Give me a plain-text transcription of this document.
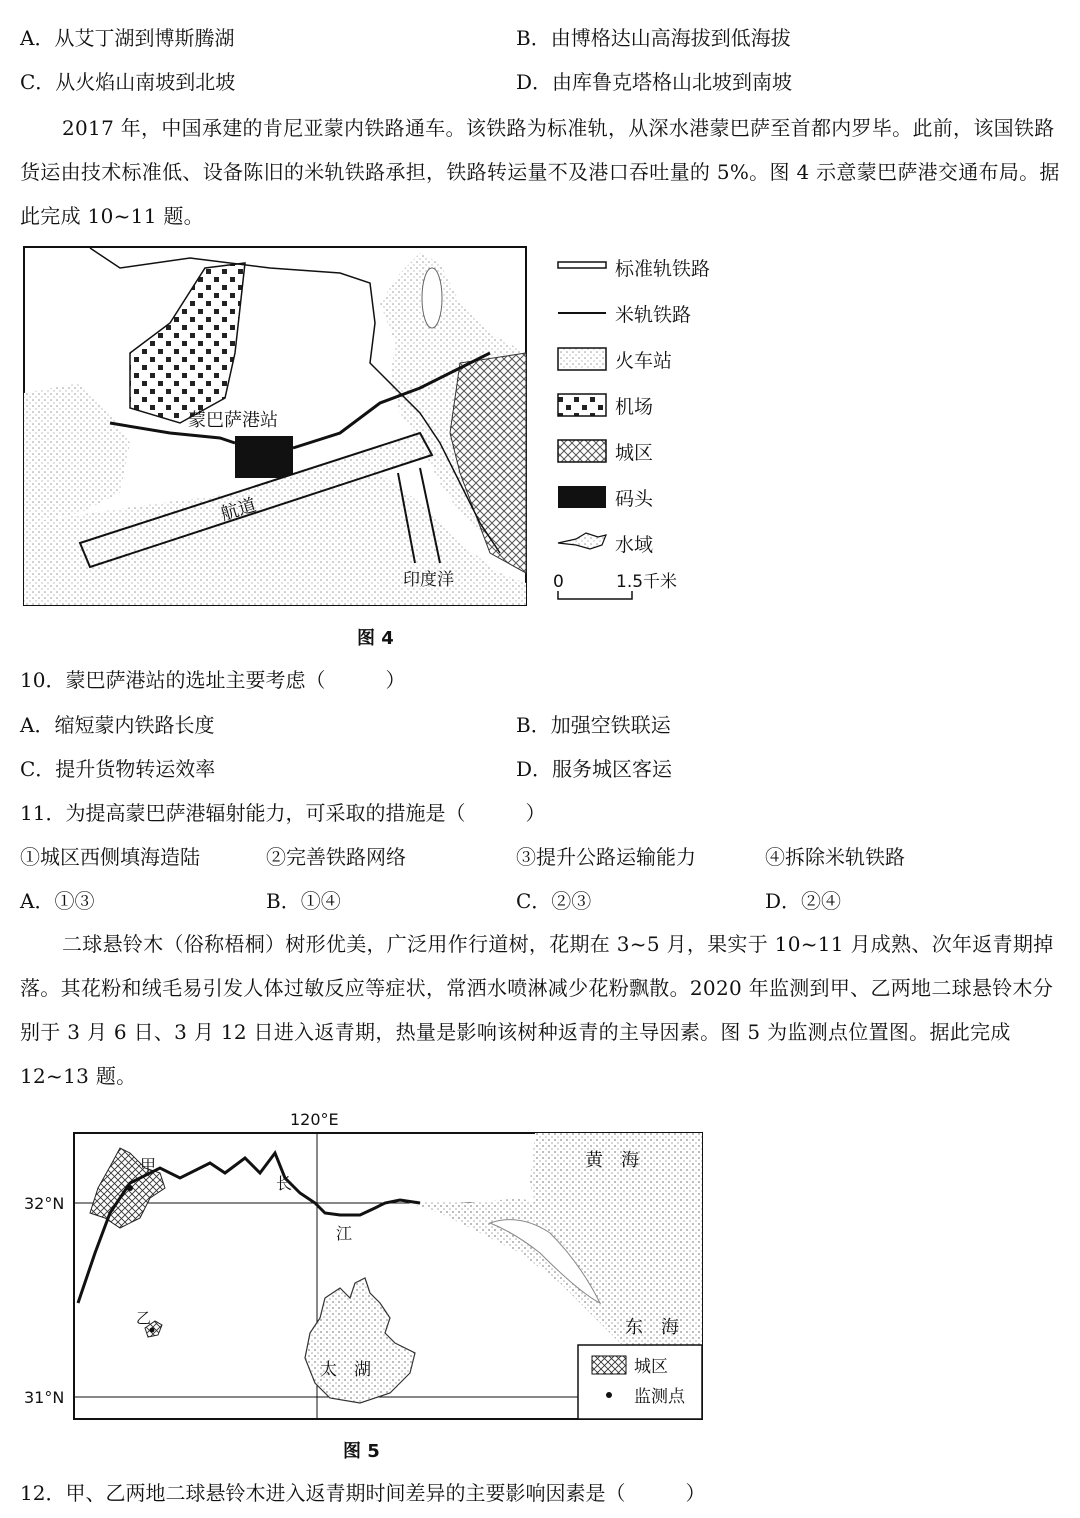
A．从艾丁湖到博斯腾湖	B．由博格达山高海拔到低海拔
C．从火焰山南坡到北坡	D．由库鲁克塔格山北坡到南坡
2017 年，中国承建的肯尼亚蒙内铁路通车。该铁路为标准轨，从深水港蒙巴萨至首都内罗毕。此前，该国铁路货运由技术标准低、设备陈旧的米轨铁路承担，铁路转运量不及港口吞吐量的 5%。图 4 示意蒙巴萨港交通布局。据此完成 10~11 题。
蒙巴萨港站
航道
印度洋
标准轨铁路
米轨铁路
火车站
机场
城区
码头
水域
0	1.5千米
图 4
10．蒙巴萨港站的选址主要考虑（　　　）
A．缩短蒙内铁路长度	B．加强空铁联运
C．提升货物转运效率	D．服务城区客运
11．为提高蒙巴萨港辐射能力，可采取的措施是（　　　）
①城区西侧填海造陆	②完善铁路网络	③提升公路运输能力	④拆除米轨铁路
A．①③	B．①④	C．②③	D．②④
二球悬铃木（俗称梧桐）树形优美，广泛用作行道树，花期在 3~5 月，果实于 10~11 月成熟、次年返青期掉落。其花粉和绒毛易引发人体过敏反应等症状，常洒水喷淋减少花粉飘散。2020 年监测到甲、乙两地二球悬铃木分别于 3 月 6 日、3 月 12 日进入返青期，热量是影响该树种返青的主导因素。图 5 为监测点位置图。据此完成 12~13 题。
120°E
32°N
31°N
太　湖
甲
长
江
黄　海
东　海
乙
城区
监测点
图 5
12．甲、乙两地二球悬铃木进入返青期时间差异的主要影响因素是（　　　）
